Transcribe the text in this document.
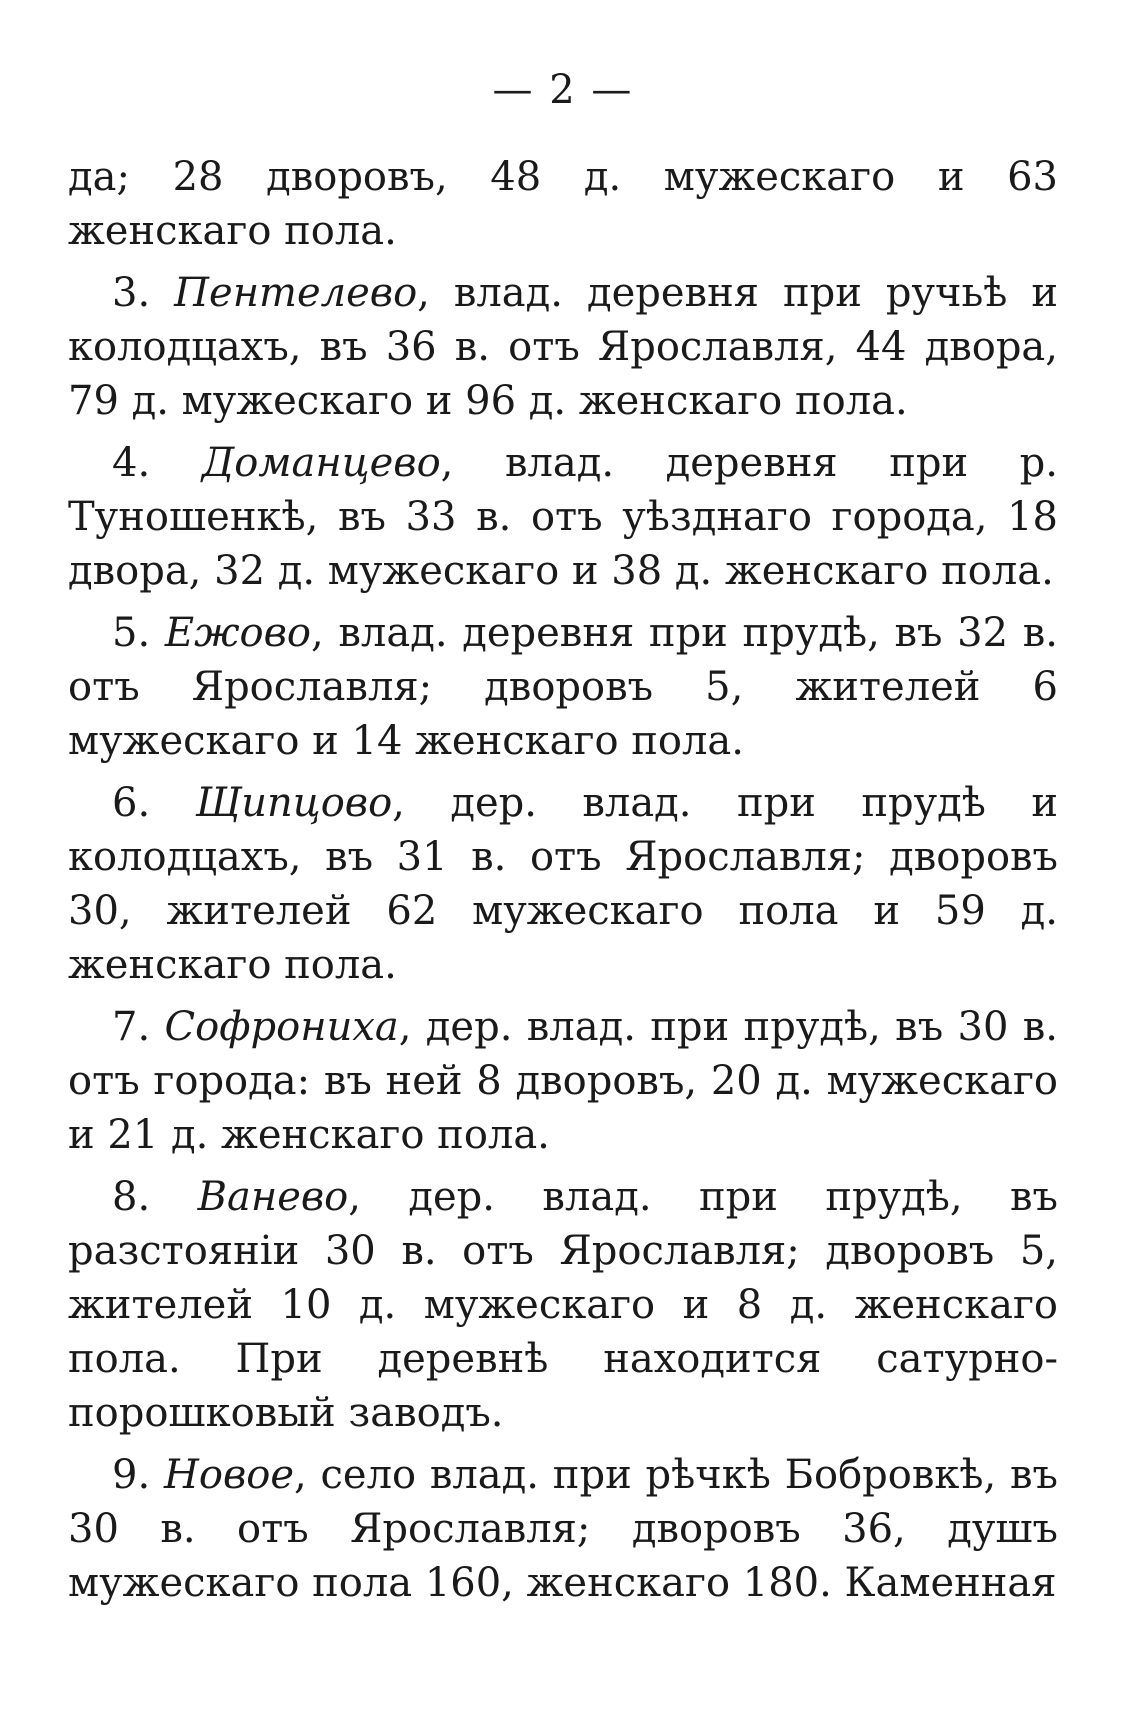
— 2 —

да; 28 дворовъ, 48 д. мужескаго и 63 женскаго пола.

3. Пентелево, влад. деревня при ручьѣ и колодцахъ, въ 36 в. отъ Ярославля, 44 двора, 79 д. мужескаго и 96 д. женскаго пола.

4. Доманцево, влад. деревня при р. Туношенкѣ, въ 33 в. отъ уѣзднаго города, 18 двора, 32 д. мужескаго и 38 д. женскаго пола.

5. Ежово, влад. деревня при прудѣ, въ 32 в. отъ Ярославля; дворовъ 5, жителей 6 мужескаго и 14 женскаго пола.

6. Щипцово, дер. влад. при прудѣ и колодцахъ, въ 31 в. отъ Ярославля; дворовъ 30, жителей 62 мужескаго пола и 59 д. женскаго пола.

7. Софрониха, дер. влад. при прудѣ, въ 30 в. отъ города: въ ней 8 дворовъ, 20 д. мужескаго и 21 д. женскаго пола.

8. Ванево, дер. влад. при прудѣ, въ разстояніи 30 в. отъ Ярославля; дворовъ 5, жителей 10 д. мужескаго и 8 д. женскаго пола. При деревнѣ находится сатурно-порошковый заводъ.

9. Новое, село влад. при рѣчкѣ Бобровкѣ, въ 30 в. отъ Ярославля; дворовъ 36, душъ мужескаго пола 160, женскаго 180. Каменная
